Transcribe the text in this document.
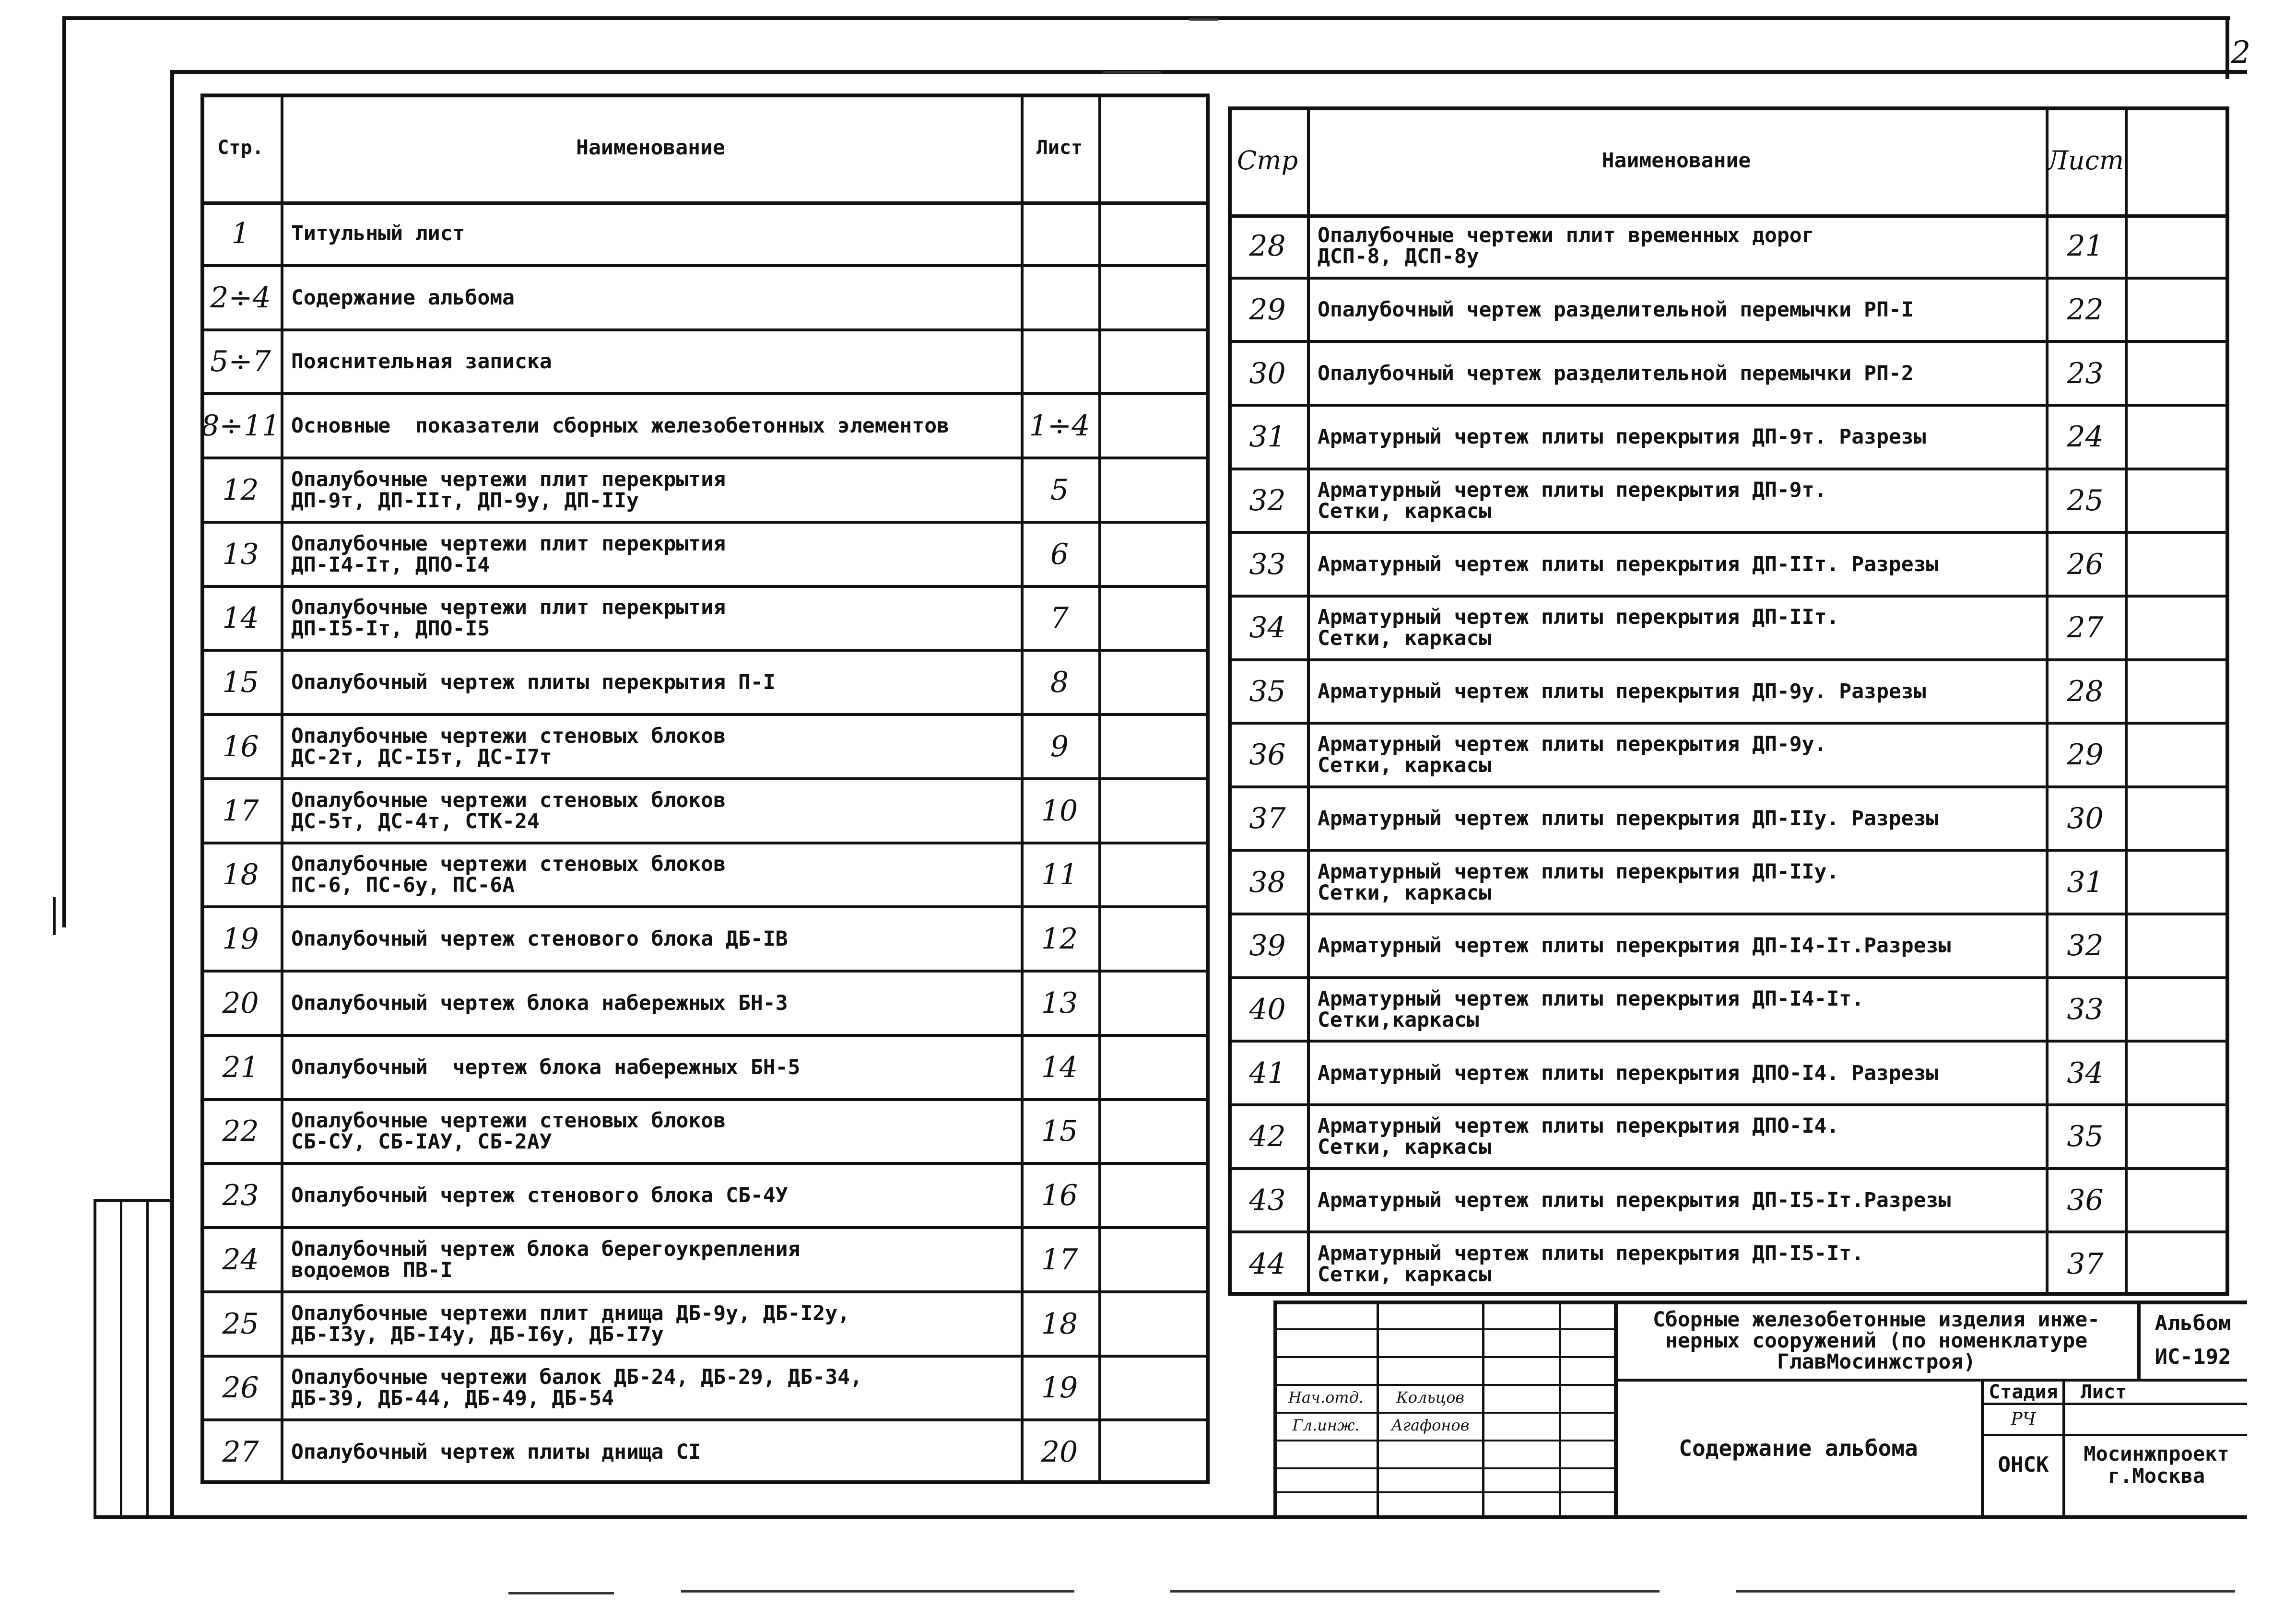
2
Стр.	Наименование	Лист
1	Титульный лист
2÷4 Содержание альбома
5÷7 Пояснительная записка
8÷11 Основные  показатели сборных железобетонных элементов	1÷4
12	Опалубочные чертежи плит перекрытия
ДП-9т, ДП-IIт, ДП-9у, ДП-IIу	5
13	Опалубочные чертежи плит перекрытия
ДП-I4-Iт, ДПО-I4	6
14	Опалубочные чертежи плит перекрытия
ДП-I5-Iт, ДПО-I5	7
15	Опалубочный чертеж плиты перекрытия П-I	8
16	Опалубочные чертежи стеновых блоков
ДС-2т, ДС-I5т, ДС-I7т	9
17	Опалубочные чертежи стеновых блоков
ДС-5т, ДС-4т, СТК-24	10
18	Опалубочные чертежи стеновых блоков
ПС-6, ПС-6у, ПС-6А	11
19	Опалубочный чертеж стенового блока ДБ-IВ	12
20	Опалубочный чертеж блока набережных БН-3	13
21	Опалубочный  чертеж блока набережных БН-5	14
22	Опалубочные чертежи стеновых блоков
СБ-СУ, СБ-IАУ, СБ-2АУ	15
23	Опалубочный чертеж стенового блока СБ-4У	16
24	Опалубочный чертеж блока берегоукрепления
водоемов ПВ-I	17
25	Опалубочные чертежи плит днища ДБ-9у, ДБ-I2у,
ДБ-I3у, ДБ-I4у, ДБ-I6у, ДБ-I7у	18
26	Опалубочные чертежи балок ДБ-24, ДБ-29, ДБ-34,
ДБ-39, ДБ-44, ДБ-49, ДБ-54	19
27	Опалубочный чертеж плиты днища СI	20
Стр	Наименование	Лист
28	Опалубочные чертежи плит временных дорог
ДСП-8, ДСП-8у	21
29	Опалубочный чертеж разделительной перемычки РП-I	22
30	Опалубочный чертеж разделительной перемычки РП-2	23
31	Арматурный чертеж плиты перекрытия ДП-9т. Разрезы	24
32	Арматурный чертеж плиты перекрытия ДП-9т.
Сетки, каркасы	25
33	Арматурный чертеж плиты перекрытия ДП-IIт. Разрезы	26
34	Арматурный чертеж плиты перекрытия ДП-IIт.
Сетки, каркасы	27
35	Арматурный чертеж плиты перекрытия ДП-9у. Разрезы	28
36	Арматурный чертеж плиты перекрытия ДП-9у.
Сетки, каркасы	29
37	Арматурный чертеж плиты перекрытия ДП-IIу. Разрезы	30
38	Арматурный чертеж плиты перекрытия ДП-IIу.
Сетки, каркасы	31
39	Арматурный чертеж плиты перекрытия ДП-I4-Iт.Разрезы	32
40	Арматурный чертеж плиты перекрытия ДП-I4-Iт.
Сетки,каркасы	33
41	Арматурный чертеж плиты перекрытия ДПО-I4. Разрезы	34
42	Арматурный чертеж плиты перекрытия ДПО-I4.
Сетки, каркасы	35
43	Арматурный чертеж плиты перекрытия ДП-I5-Iт.Разрезы	36
44	Арматурный чертеж плиты перекрытия ДП-I5-Iт.
Сетки, каркасы	37
Сборные железобетонные изделия инже-
нерных сооружений (по номенклатуре
ГлавМосинжстроя)
Альбом
ИС-192
Содержание альбома
Стадия	Лист
РЧ
ОНСК	Мосинжпроект
г.Москва
Нач.отд.	Кольцов
Гл.инж.	Агафонов
